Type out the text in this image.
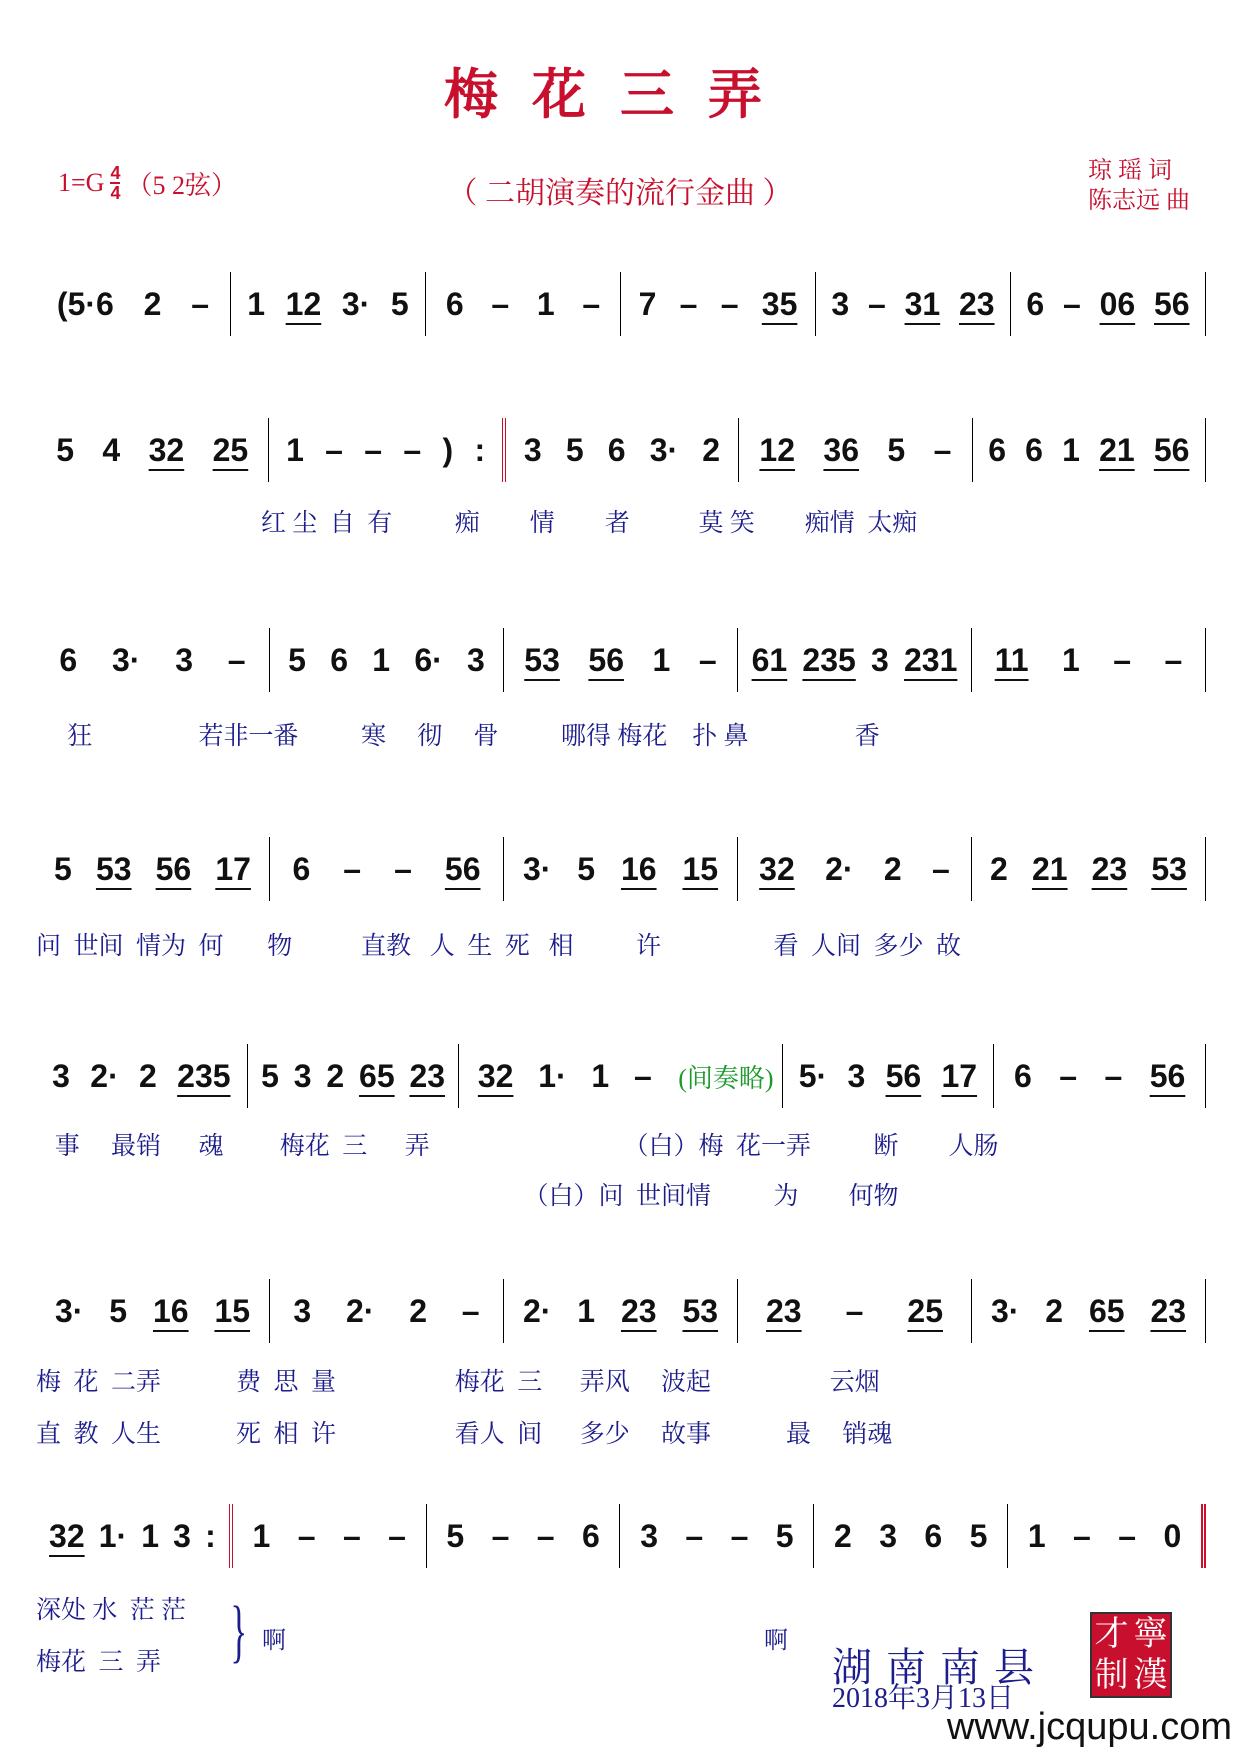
梅花三弄
$1=G \frac{4}{4} (5$ 2弦）	（ 二胡演奏的流行金曲 ）
琼 瑶 词
陈志远 曲
(5·6 2 – 1 12 3· 5 6 – 1 – 7 – – 35 3 – 31 23 6 – 06 56
5 4 32 25 1 – – – ) : 3 5 6 3· 2 12 36 5 – 6 6 1 21 56
红 尘  自  有          痴        情        者           莫 笑        痴情  太痴
6 3· 3 – 5 6 1 6· 3 53 56 1 – 61 235 3 231 11 1 – –
狂                 若非一番          寒     彻     骨          哪得 梅花    扑 鼻                 香
5 53 56 17 6 – – 56 3· 5 16 15 32 2· 2 – 2 21 23 53
问  世间  情为  何       物           直教   人  生  死   相          许                  看  人间  多少  故
3 2· 2 235 5 3 2 65 23 32 1· 1 –	(间奏略) 5· 3 56 17 6 – – 56
事     最销      魂         梅花  三      弄                               （白）梅  花一弄          断        人肠
（白）问  世间情          为        何物
3· 5 16 15 3 2· 2 – 2· 1 23 53 23 – 25 3· 2 65 23
梅  花  二弄            费  思  量                   梅花  三      弄风     波起                   云烟
直  教  人生            死  相  许                   看人  间      多少     故事            最     销魂
32 1· 1 3 : 1 – – – 5 – – 6 3 – – 5 2 3 6 5 1 – – 0
深处 水  茫 茫
梅花  三  弄 } 啊	啊
湖南南县
2018年3月13日
才 寧
制 漢
www.jcqupu.com
